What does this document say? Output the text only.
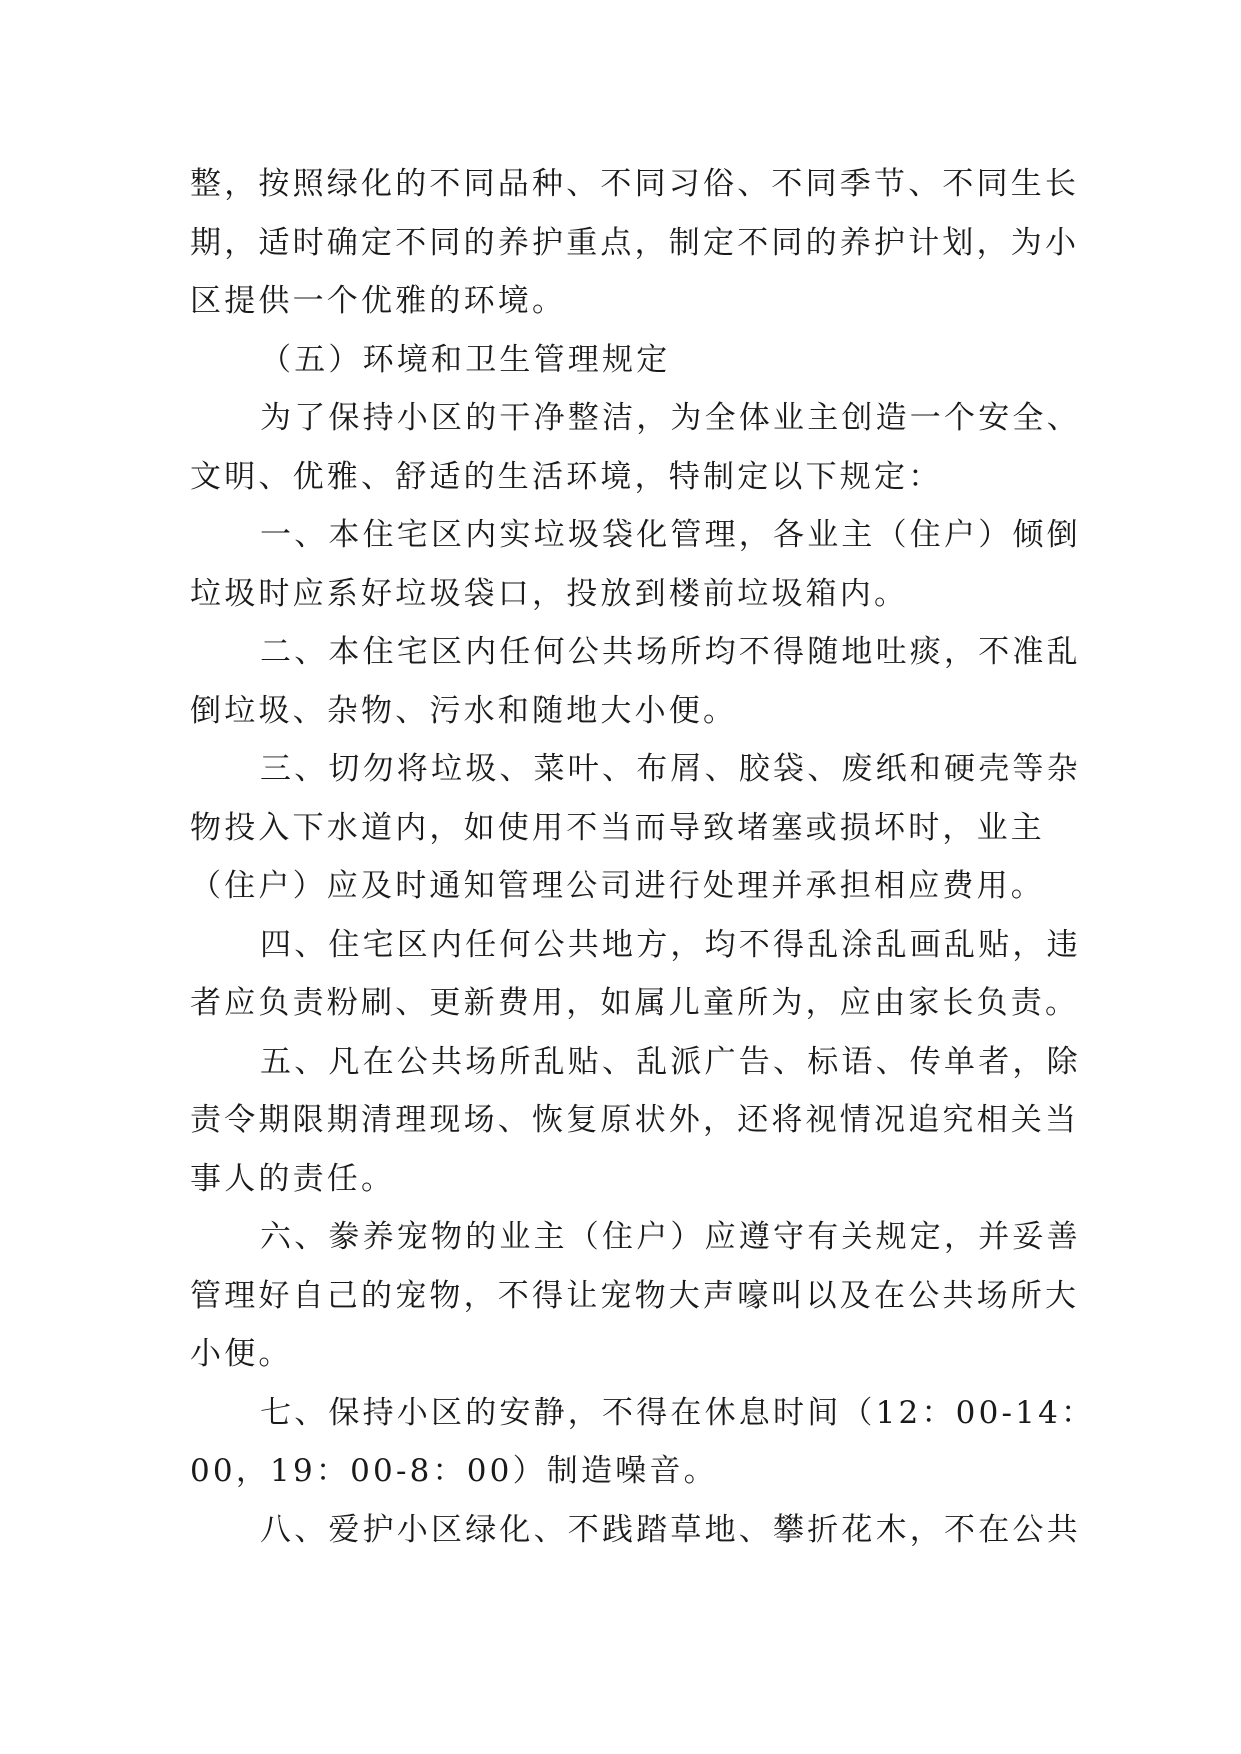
整，按照绿化的不同品种、不同习俗、不同季节、不同生长
期，适时确定不同的养护重点，制定不同的养护计划，为小
区提供一个优雅的环境。
（五）环境和卫生管理规定
为了保持小区的干净整洁，为全体业主创造一个安全、
文明、优雅、舒适的生活环境，特制定以下规定：
一、本住宅区内实垃圾袋化管理，各业主（住户）倾倒
垃圾时应系好垃圾袋口，投放到楼前垃圾箱内。
二、本住宅区内任何公共场所均不得随地吐痰，不准乱
倒垃圾、杂物、污水和随地大小便。
三、切勿将垃圾、菜叶、布屑、胶袋、废纸和硬壳等杂
物投入下水道内，如使用不当而导致堵塞或损坏时，业主
（住户）应及时通知管理公司进行处理并承担相应费用。
四、住宅区内任何公共地方，均不得乱涂乱画乱贴，违
者应负责粉刷、更新费用，如属儿童所为，应由家长负责。
五、凡在公共场所乱贴、乱派广告、标语、传单者，除
责令期限期清理现场、恢复原状外，还将视情况追究相关当
事人的责任。
六、豢养宠物的业主（住户）应遵守有关规定，并妥善
管理好自己的宠物，不得让宠物大声嚎叫以及在公共场所大
小便。
七、保持小区的安静，不得在休息时间（12：00-14：
00，19：00-8：00）制造噪音。
八、爱护小区绿化、不践踏草地、攀折花木，不在公共
